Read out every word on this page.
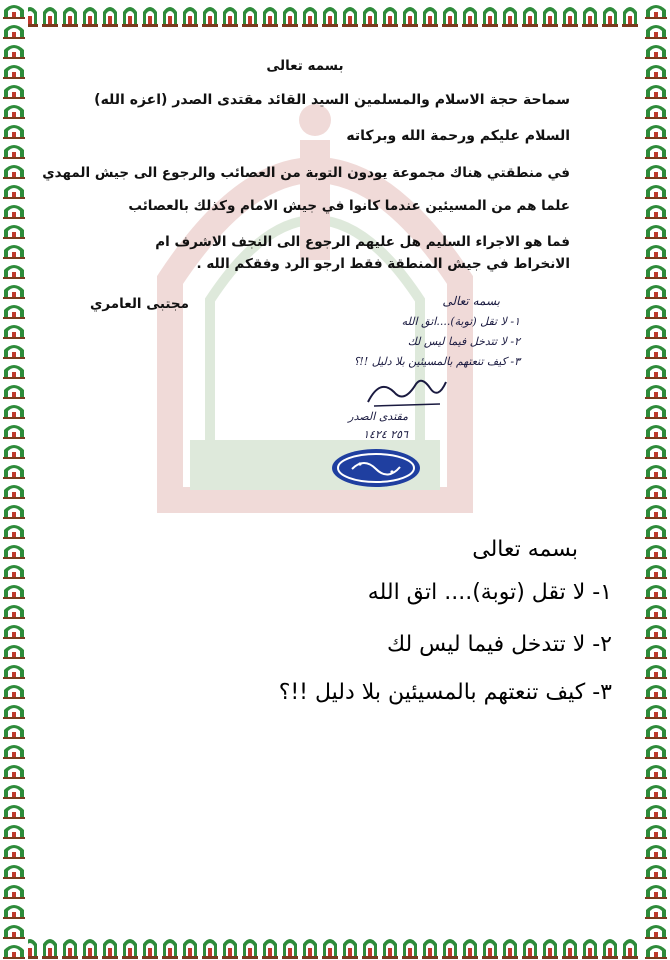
بسمه تعالى
سماحة حجة الاسلام والمسلمين السيد القائد مقتدى الصدر (اعزه الله)
السلام عليكم ورحمة الله وبركاته
في منطقتي هناك مجموعة يودون التوبة من العصائب والرجوع الى جيش المهدي
علما هم من المسيئين عندما كانوا في جيش الامام وكذلك بالعصائب
فما هو الاجراء السليم هل عليهم الرجوع الى النجف الاشرف ام الانخراط في جيش المنطقة فقط ارجو الرد وفقكم الله .
مجتبى العامري	بسمه تعالى
١- لا تقل (توبة)....اتق الله
٢- لا تتدخل فيما ليس لك
٣- كيف تنعتهم بالمسيئين بلا دليل !!؟
مقتدى الصدر
٢٥٦ ١٤٢٤
بسمه تعالى
١- لا تقل (توبة).... اتق الله
٢- لا تتدخل فيما ليس لك
٣- كيف تنعتهم بالمسيئين بلا دليل !!؟
